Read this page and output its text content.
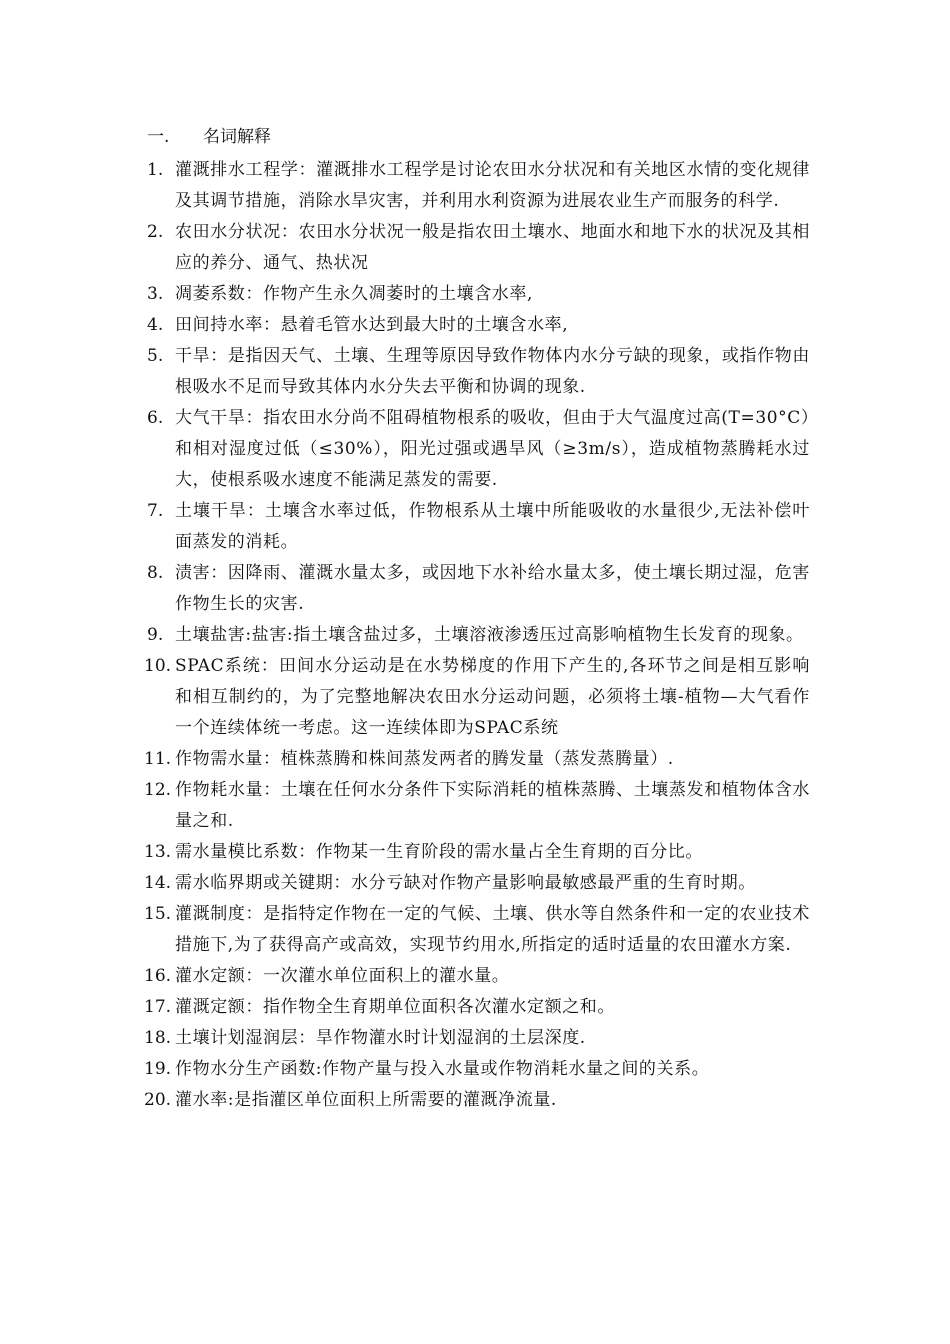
一. 名词解释
1. 灌溉排水工程学：灌溉排水工程学是讨论农田水分状况和有关地区水情的变化规律及其调节措施，消除水旱灾害，并利用水利资源为进展农业生产而服务的科学.
2. 农田水分状况：农田水分状况一般是指农田土壤水、地面水和地下水的状况及其相应的养分、通气、热状况
3. 凋萎系数：作物产生永久凋萎时的土壤含水率,
4. 田间持水率：悬着毛管水达到最大时的土壤含水率,
5. 干旱：是指因天气、土壤、生理等原因导致作物体内水分亏缺的现象，或指作物由根吸水不足而导致其体内水分失去平衡和协调的现象.
6. 大气干旱：指农田水分尚不阻碍植物根系的吸收，但由于大气温度过高(T=30°C）和相对湿度过低（≤30%），阳光过强或遇旱风（≥3m/s），造成植物蒸腾耗水过大，使根系吸水速度不能满足蒸发的需要.
7. 土壤干旱：土壤含水率过低，作物根系从土壤中所能吸收的水量很少,无法补偿叶面蒸发的消耗。
8. 渍害：因降雨、灌溉水量太多，或因地下水补给水量太多，使土壤长期过湿，危害作物生长的灾害.
9. 土壤盐害:盐害:指土壤含盐过多，土壤溶液渗透压过高影响植物生长发育的现象。
10. SPAC系统：田间水分运动是在水势梯度的作用下产生的,各环节之间是相互影响和相互制约的，为了完整地解决农田水分运动问题，必须将土壤-植物—大气看作一个连续体统一考虑。这一连续体即为SPAC系统
11. 作物需水量：植株蒸腾和株间蒸发两者的腾发量（蒸发蒸腾量）.
12. 作物耗水量：土壤在任何水分条件下实际消耗的植株蒸腾、土壤蒸发和植物体含水量之和.
13. 需水量模比系数：作物某一生育阶段的需水量占全生育期的百分比。
14. 需水临界期或关键期：水分亏缺对作物产量影响最敏感最严重的生育时期。
15. 灌溉制度：是指特定作物在一定的气候、土壤、供水等自然条件和一定的农业技术措施下,为了获得高产或高效，实现节约用水,所指定的适时适量的农田灌水方案.
16. 灌水定额：一次灌水单位面积上的灌水量。
17. 灌溉定额：指作物全生育期单位面积各次灌水定额之和。
18. 土壤计划湿润层：旱作物灌水时计划湿润的土层深度.
19. 作物水分生产函数:作物产量与投入水量或作物消耗水量之间的关系。
20. 灌水率:是指灌区单位面积上所需要的灌溉净流量.
